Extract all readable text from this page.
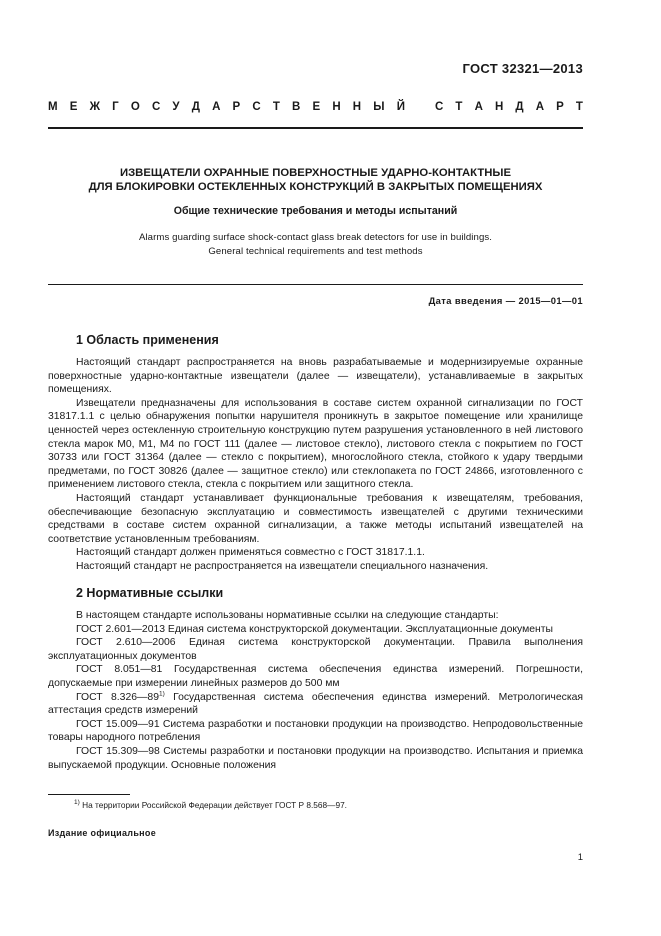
ГОСТ 32321—2013
М Е Ж Г О С У Д А Р С Т В Е Н Н Ы Й	С Т А Н Д А Р Т
ИЗВЕЩАТЕЛИ ОХРАННЫЕ ПОВЕРХНОСТНЫЕ УДАРНО-КОНТАКТНЫЕ
ДЛЯ БЛОКИРОВКИ ОСТЕКЛЕННЫХ КОНСТРУКЦИЙ В ЗАКРЫТЫХ ПОМЕЩЕНИЯХ
Общие технические требования и методы испытаний
Alarms guarding surface shock-contact glass break detectors for use in buildings.
General technical requirements and test methods
Дата введения — 2015—01—01
1 Область применения

Настоящий стандарт распространяется на вновь разрабатываемые и модернизируемые охранные поверхностные ударно-контактные извещатели (далее — извещатели), устанавливаемые в закрытых помещениях.

Извещатели предназначены для использования в составе систем охранной сигнализации по ГОСТ 31817.1.1 с целью обнаружения попытки нарушителя проникнуть в закрытое помещение или хранилище ценностей через остекленную строительную конструкцию путем разрушения установленного в ней листового стекла марок М0, М1, М4 по ГОСТ 111 (далее — листовое стекло), листового стекла с покрытием по ГОСТ 30733 или ГОСТ 31364 (далее — стекло с покрытием), многослойного стекла, стойкого к удару твердыми предметами, по ГОСТ 30826 (далее — защитное стекло) или стеклопакета по ГОСТ 24866, изготовленного с применением листового стекла, стекла с покрытием или защитного стекла.

Настоящий стандарт устанавливает функциональные требования к извещателям, требования, обеспечивающие безопасную эксплуатацию и совместимость извещателей с другими техническими средствами в составе систем охранной сигнализации, а также методы испытаний извещателей на соответствие установленным требованиям.

Настоящий стандарт должен применяться совместно с ГОСТ 31817.1.1.

Настоящий стандарт не распространяется на извещатели специального назначения.

2 Нормативные ссылки

В настоящем стандарте использованы нормативные ссылки на следующие стандарты:

ГОСТ 2.601—2013 Единая система конструкторской документации. Эксплуатационные документы

ГОСТ 2.610—2006 Единая система конструкторской документации. Правила выполнения эксплуатационных документов

ГОСТ 8.051—81 Государственная система обеспечения единства измерений. Погрешности, допускаемые при измерении линейных размеров до 500 мм

ГОСТ 8.326—89$^{1)}$ Государственная система обеспечения единства измерений. Метрологическая аттестация средств измерений

ГОСТ 15.009—91 Система разработки и постановки продукции на производство. Непродовольственные товары народного потребления

ГОСТ 15.309—98 Системы разработки и постановки продукции на производство. Испытания и приемка выпускаемой продукции. Основные положения

$^{1)}$ На территории Российской Федерации действует ГОСТ Р 8.568—97.
Издание официальное
1
